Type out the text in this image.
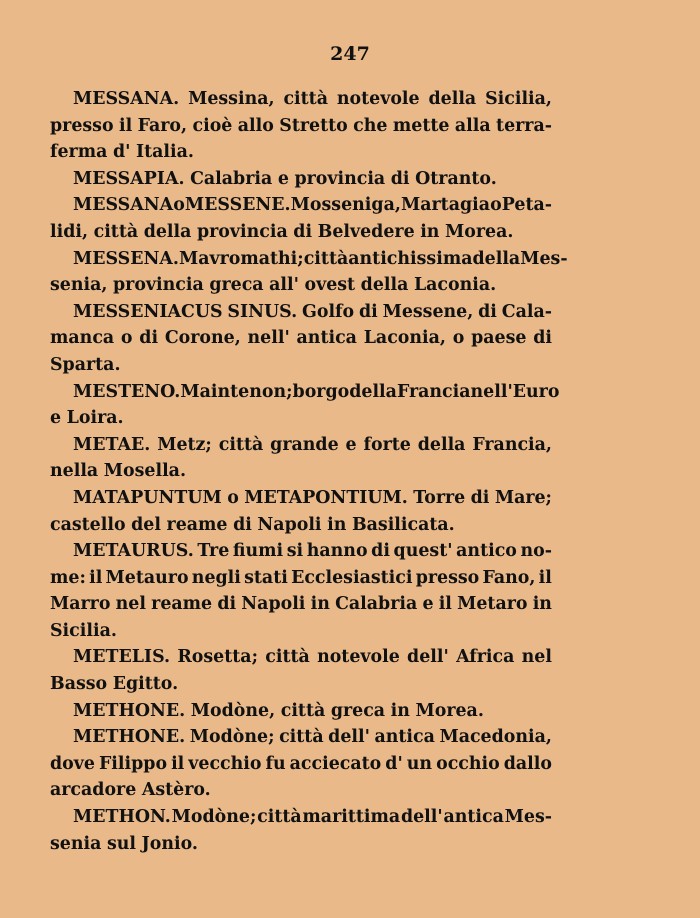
247
MESSANA. Messina, città notevole della Sicilia,
presso il Faro, cioè allo Stretto che mette alla terra-
ferma d' Italia.
MESSAPIA. Calabria e provincia di Otranto.
MESSANA o MESSENE. Mosseniga, Martagia o Peta-
lidi, città della provincia di Belvedere in Morea.
MESSENA. Mavromathi; città antichissima della Mes-
senia, provincia greca all' ovest della Laconia.
MESSENIACUS SINUS. Golfo di Messene, di Cala-
manca o di Corone, nell' antica Laconia, o paese di
Sparta.
MESTENO. Maintenon; borgo della Francia nell' Euro
e Loira.
METAE. Metz; città grande e forte della Francia,
nella Mosella.
MATAPUNTUM o METAPONTIUM. Torre di Mare;
castello del reame di Napoli in Basilicata.
METAURUS. Tre fiumi si hanno di quest' antico no-
me: il Metauro negli stati Ecclesiastici presso Fano, il
Marro nel reame di Napoli in Calabria e il Metaro in
Sicilia.
METELIS. Rosetta; città notevole dell' Africa nel
Basso Egitto.
METHONE. Modòne, città greca in Morea.
METHONE. Modòne; città dell' antica Macedonia,
dove Filippo il vecchio fu acciecato d' un occhio dallo
arcadore Astèro.
METHON. Modòne; città marittima dell' antica Mes-
senia sul Jonio.
